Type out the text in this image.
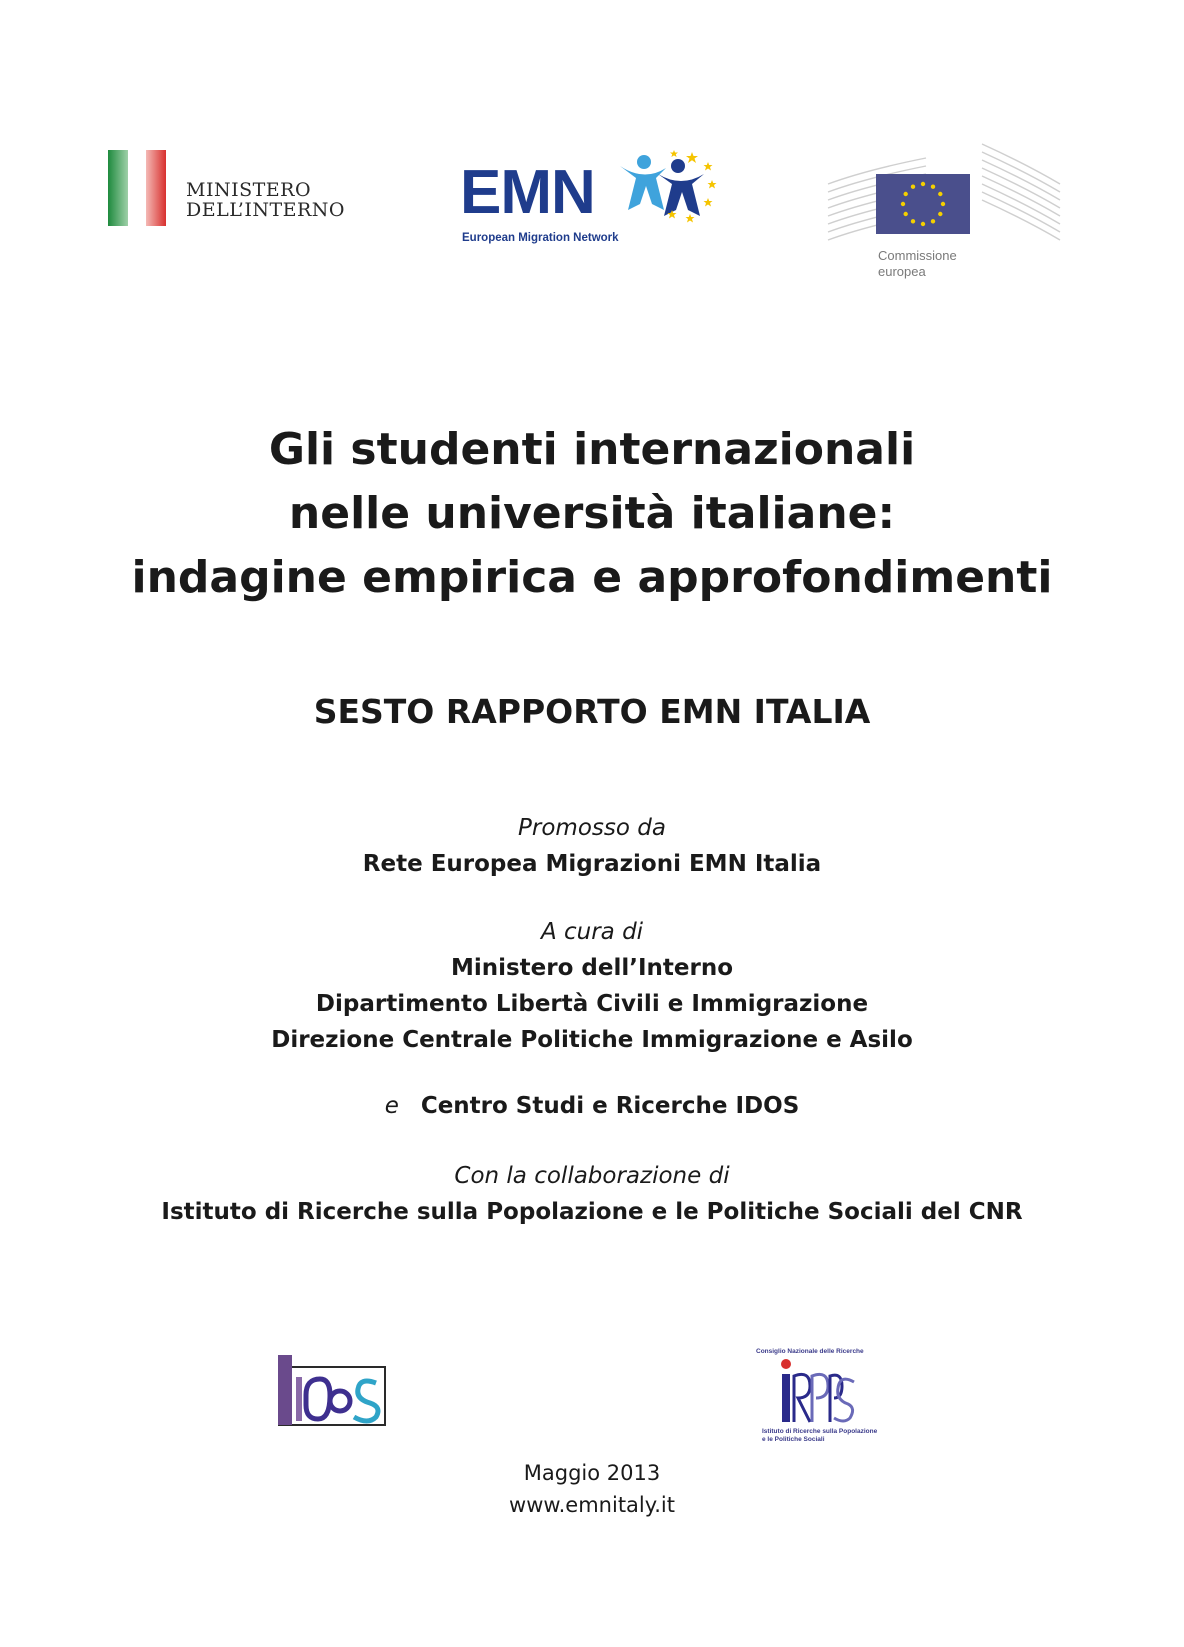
MINISTERO
DELL’INTERNO EMN
European Migration Network
Commissione
europea
Gli studenti internazionali
nelle università italiane:
indagine empirica e approfondimenti
SESTO RAPPORTO EMN ITALIA
Promosso da
Rete Europea Migrazioni EMN Italia
A cura di
Ministero dell’Interno
Dipartimento Libertà Civili e Immigrazione
Direzione Centrale Politiche Immigrazione e Asilo
e Centro Studi e Ricerche IDOS
Con la collaborazione di
Istituto di Ricerche sulla Popolazione e le Politiche Sociali del CNR
IDOS
Consiglio Nazionale delle Ricerche
IRPPS
Istituto di Ricerche sulla Popolazione
e le Politiche Sociali
Maggio 2013
www.emnitaly.it
